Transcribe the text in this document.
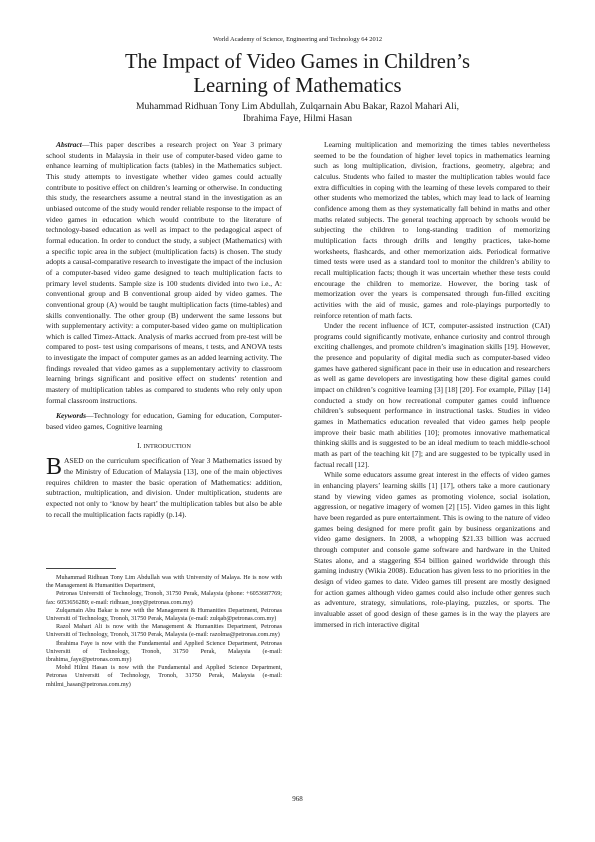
World Academy of Science, Engineering and Technology 64 2012
The Impact of Video Games in Children’s
Learning of Mathematics
Muhammad Ridhuan Tony Lim Abdullah, Zulqarnain Abu Bakar, Razol Mahari Ali,
Ibrahima Faye, Hilmi Hasan

Abstract—This paper describes a research project on Year 3 primary school students in Malaysia in their use of computer-based video game to enhance learning of multiplication facts (tables) in the Mathematics subject. This study attempts to investigate whether video games could actually contribute to positive effect on children’s learning or otherwise. In conducting this study, the researchers assume a neutral stand in the investigation as an unbiased outcome of the study would render reliable response to the impact of video games in education which would contribute to the literature of technology-based education as well as impact to the pedagogical aspect of formal education. In order to conduct the study, a subject (Mathematics) with a specific topic area in the subject (multiplication facts) is chosen. The study adopts a causal-comparative research to investigate the impact of the inclusion of a computer-based video game designed to teach multiplication facts to primary level students. Sample size is 100 students divided into two i.e., A: conventional group and B conventional group aided by video games. The conventional group (A) would be taught multiplication facts (time-tables) and skills conventionally. The other group (B) underwent the same lessons but with supplementary activity: a computer-based video game on multiplication which is called Timez-Attack. Analysis of marks accrued from pre-test will be compared to post- test using comparisons of means, t tests, and ANOVA tests to investigate the impact of computer games as an added learning activity. The findings revealed that video games as a supplementary activity to classroom learning brings significant and positive effect on students’ retention and mastery of multiplication tables as compared to students who rely only upon formal classroom instructions.

Keywords—Technology for education, Gaming for education, Computer-based video games, Cognitive learning

I. INTRODUCTION

BASED on the curriculum specification of Year 3 Mathematics issued by the Ministry of Education of Malaysia [13], one of the main objectives requires children to master the basic operation of Mathematics: addition, subtraction, multiplication, and division. Under multiplication, students are expected not only to ‘know by heart’ the multiplication tables but also be able to recall the multiplication facts rapidly (p.14).

Muhammad Ridhuan Tony Lim Abdullah was with University of Malaya. He is now with the Management & Humanities Department,

Petronas Universiti of Technology, Tronoh, 31750 Perak, Malaysia (phone: +6053687769; fax: 6053656280; e-mail: ridhuan_tony@petronas.com.my)

Zulqarnain Abu Bakar is now with the Management & Humanities Department, Petronas Universiti of Technology, Tronoh, 31750 Perak, Malaysia (e-mail: zulqab@petronas.com.my)

Razol Mahari Ali is now with the Management & Humanities Department, Petronas Universiti of Technology, Tronoh, 31750 Perak, Malaysia (e-mail: razolma@petronas.com.my)

Ibrahima Faye is now with the Fundamental and Applied Science Department, Petronas Universiti of Technology, Tronoh, 31750 Perak, Malaysia (e-mail: ibrahima_faye@petronas.com.my)

Mohd Hilmi Hasan is now with the Fundamental and Applied Science Department, Petronas Universiti of Technology, Tronoh, 31750 Perak, Malaysia (e-mail: mhilmi_hasan@petronas.com.my)

Learning multiplication and memorizing the times tables nevertheless seemed to be the foundation of higher level topics in mathematics learning such as long multiplication, division, fractions, geometry, algebra; and calculus. Students who failed to master the multiplication tables would face extra difficulties in coping with the learning of these levels compared to their other students who memorized the tables, which may lead to lack of learning confidence among them as they systematically fall behind in maths and other maths related subjects. The general teaching approach by schools would be subjecting the children to long-standing tradition of memorizing multiplication facts through drills and lengthy practices, take-home worksheets, flashcards, and other memorization aids. Periodical formative timed tests were used as a standard tool to monitor the children’s ability to recall multiplication facts; though it was uncertain whether these tests could encourage the children to memorize. However, the boring task of memorization over the years is compensated through fun-filled exciting activities with the aid of music, games and role-playings purportedly to reinforce retention of math facts.

Under the recent influence of ICT, computer-assisted instruction (CAI) programs could significantly motivate, enhance curiosity and control through exciting challenges, and promote children’s imagination skills [19]. However, the presence and popularity of digital media such as computer-based video games have gathered significant pace in their use in education and researchers as well as game developers are investigating how these digital games could impact on children’s cognitive learning [3] [18] [20]. For example, Pillay [14] conducted a study on how recreational computer games could influence children’s subsequent performance in instructional tasks. Studies in video games in Mathematics education revealed that video games help people improve their basic math abilities [10]; promotes innovative mathematical thinking skills and is suggested to be an ideal medium to teach middle-school math as part of the teaching kit [7]; and are suggested to be typically used in factual recall [12].

While some educators assume great interest in the effects of video games in enhancing players’ learning skills [1] [17], others take a more cautionary stand by viewing video games as promoting violence, social isolation, aggression, or negative imagery of women [2] [15]. Video games in this light have been regarded as pure entertainment. This is owing to the nature of video games being designed for mere profit gain by business organizations and video game designers. In 2008, a whopping $21.33 billion was accrued through computer and console game software and hardware in the United States alone, and a staggering $54 billion gained worldwide through this gaming industry (Wikia 2008). Education has given less to no priorities in the design of video games to date. Video games till present are mostly designed for action games although video games could also include other genres such as adventure, strategy, simulations, role-playing, puzzles, or sports. The invaluable asset of good design of these games is in the way the players are immersed in rich interactive digital

968
